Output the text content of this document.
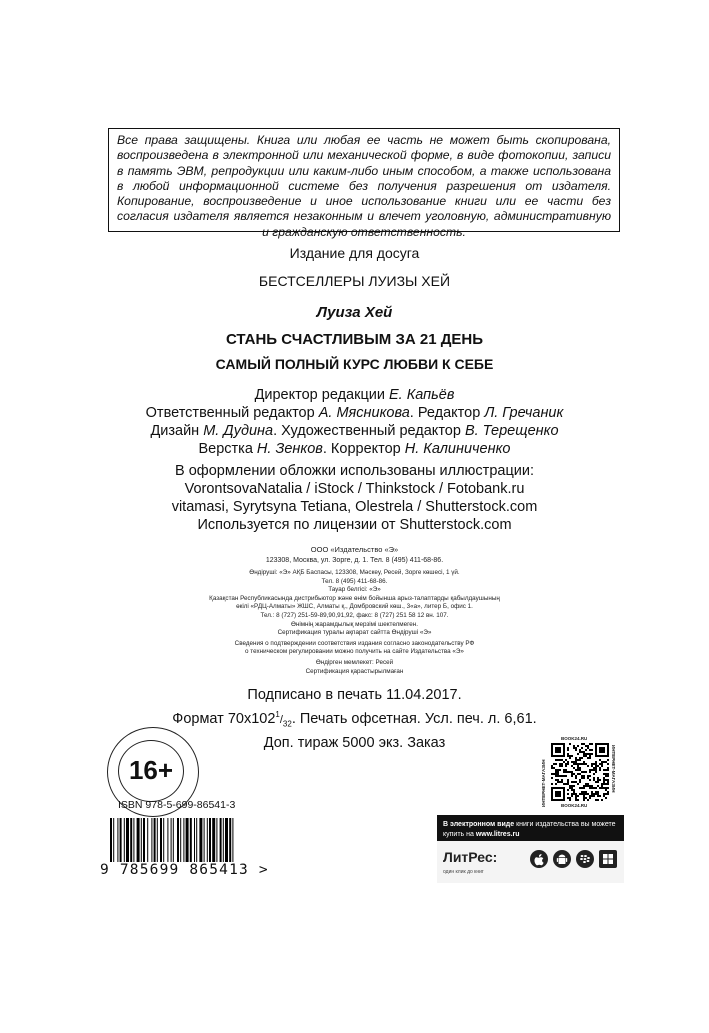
Все права защищены. Книга или любая ее часть не может быть скопирована, воспроизведена в электронной или механической форме, в виде фотокопии, записи в память ЭВМ, репродукции или каким-либо иным способом, а также использована в любой информационной системе без получения разрешения от издателя. Копирование, воспроизведение и иное использование книги или ее части без согласия издателя является незаконным и влечет уголовную, административную и гражданскую ответственность.
Издание для досуга
БЕСТСЕЛЛЕРЫ ЛУИЗЫ ХЕЙ
Луиза Хей
СТАНЬ СЧАСТЛИВЫМ ЗА 21 ДЕНЬ
САМЫЙ ПОЛНЫЙ КУРС ЛЮБВИ К СЕБЕ
Директор редакции Е. Капьёв
Ответственный редактор А. Мясникова. Редактор Л. Гречаник
Дизайн М. Дудина. Художественный редактор В. Терещенко
Верстка Н. Зенков. Корректор Н. Калиниченко
В оформлении обложки использованы иллюстрации:
VorontsovaNatalia / iStock / Thinkstock / Fotobank.ru
vitamasi, Syrytsyna Tetiana, Olestrela / Shutterstock.com
Используется по лицензии от Shutterstock.com
ООО «Издательство «Э»
123308, Москва, ул. Зорге, д. 1. Тел. 8 (495) 411-68-86.
Өндіруші: «Э» АҚБ Баспасы, 123308, Мәскеу, Ресей, Зорге көшесі, 1 үй.
Тел. 8 (495) 411-68-86.
Тауар белгісі: «Э»
Қазақстан Республикасында дистрибьютор және өнім бойынша арыз-талаптарды қабылдаушының
өкілі «РДЦ-Алматы» ЖШС, Алматы қ., Домбровский көш., 3«а», литер Б, офис 1.
Тел.: 8 (727) 251-59-89,90,91,92, факс: 8 (727) 251 58 12 вн. 107.
Өнімнің жарамдылық мерзімі шектелмеген.
Сертификация туралы ақпарат сайтта Өндіруші «Э»
Сведения о подтверждении соответствия издания согласно законодательству РФ
о техническом регулировании можно получить на сайте Издательства «Э»
Өндірген мемлекет: Ресей
Сертификация қарастырылмаған
Подписано в печать 11.04.2017.
Формат $70x102^1/_{32}$. Печать офсетная. Усл. печ. л. 6,61.
Доп. тираж 5000 экз. Заказ
16+
ISBN 978-5-699-86541-3
9 785699 865413 >
BOOK24.RU
ИНТЕРНЕТ-МАГАЗИН	ИНТЕРНЕТ-МАГАЗИН
BOOK24.RU
В электронном виде книги издательства вы можете
купить на www.litres.ru
ЛитРес:
один клик до книг
